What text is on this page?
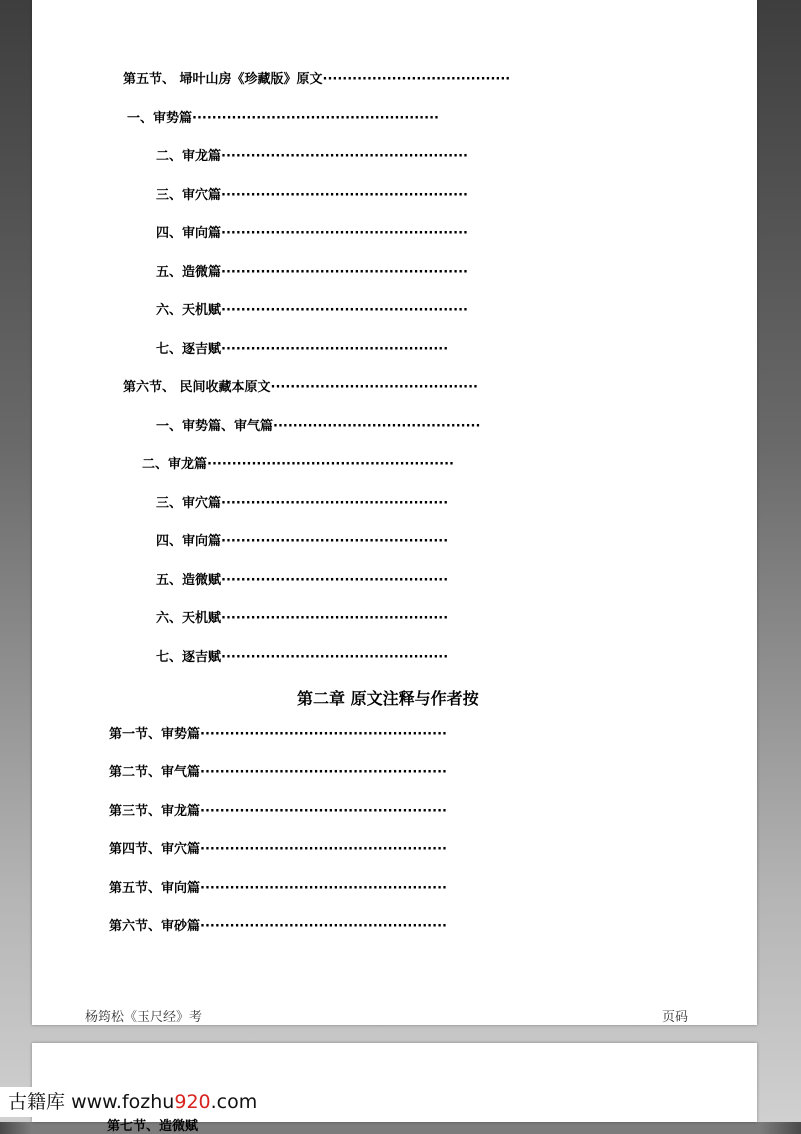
第五节、 埽叶山房《珍藏版》原文······································
一、审势篇··················································
二、审龙篇··················································
三、审穴篇··················································
四、审向篇··················································
五、造微篇··················································
六、天机赋··················································
七、逐吉赋··············································
第六节、 民间收藏本原文··········································
一、审势篇、审气篇··········································
二、审龙篇··················································
三、审穴篇··············································
四、审向篇··············································
五、造微赋··············································
六、天机赋··············································
七、逐吉赋··············································
第二章 原文注释与作者按
第一节、审势篇··················································
第二节、审气篇··················································
第三节、审龙篇··················································
第四节、审穴篇··················································
第五节、审向篇··················································
第六节、审砂篇··················································
杨筠松《玉尺经》考	页码
第七节、造微赋
古籍库 www.fozhu920.com
